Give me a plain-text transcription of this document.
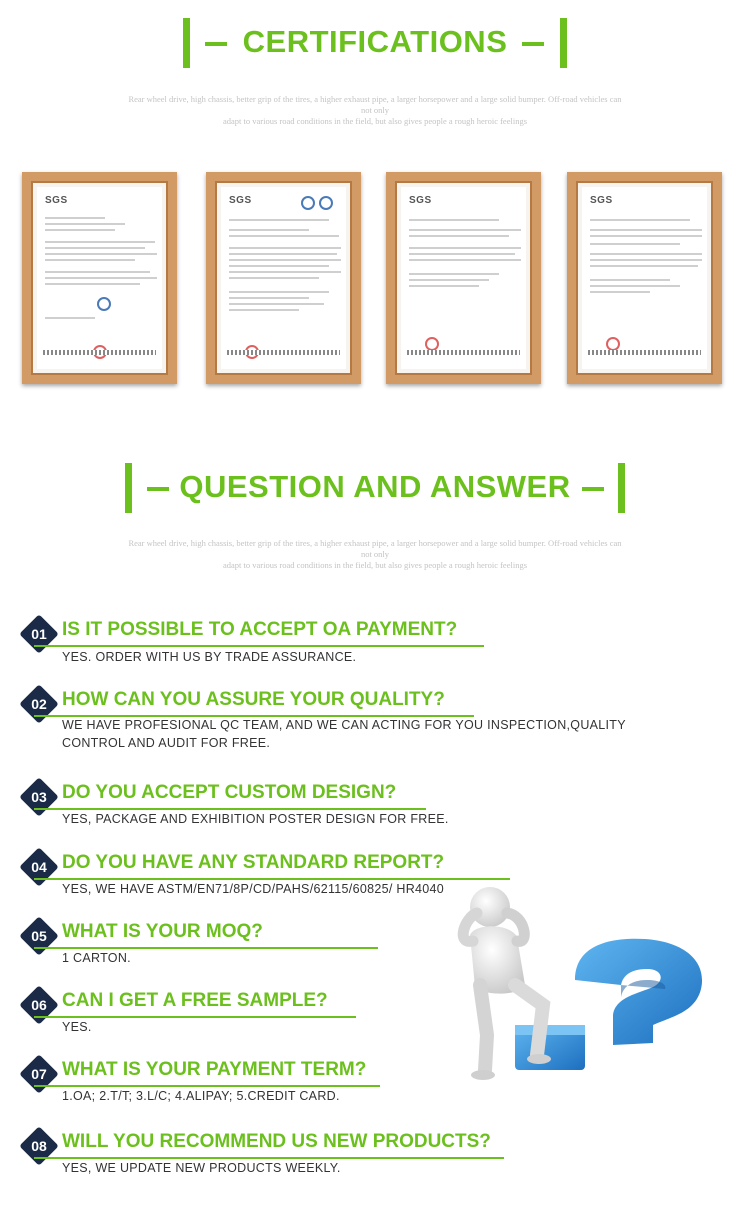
CERTIFICATIONS
Rear wheel drive, high chassis, better grip of the tires, a higher exhaust pipe, a larger horsepower and a large solid bumper. Off-road vehicles can not only
adapt to various road conditions in the field, but also gives people a rough heroic feelings
SGS	SGS	SGS	SGS
QUESTION AND ANSWER
Rear wheel drive, high chassis, better grip of the tires, a higher exhaust pipe, a larger horsepower and a large solid bumper. Off-road vehicles can not only
adapt to various road conditions in the field, but also gives people a rough heroic feelings
01 IS IT POSSIBLE TO ACCEPT OA PAYMENT?
YES. ORDER WITH US BY TRADE ASSURANCE.
02 HOW CAN YOU ASSURE YOUR QUALITY?
WE HAVE PROFESIONAL QC TEAM, AND WE CAN ACTING FOR YOU INSPECTION,QUALITY CONTROL AND AUDIT FOR FREE.
03 DO YOU ACCEPT CUSTOM DESIGN?
YES, PACKAGE AND EXHIBITION POSTER DESIGN FOR FREE.
04 DO YOU HAVE ANY STANDARD REPORT?
YES, WE HAVE ASTM/EN71/8P/CD/PAHS/62115/60825/ HR4040
05 WHAT IS YOUR MOQ?
1 CARTON.
06 CAN I GET A FREE SAMPLE?
YES.
07 WHAT IS YOUR PAYMENT TERM?
1.OA; 2.T/T; 3.L/C; 4.ALIPAY; 5.CREDIT CARD.
08 WILL YOU RECOMMEND US NEW PRODUCTS?
YES, WE UPDATE NEW PRODUCTS WEEKLY.
